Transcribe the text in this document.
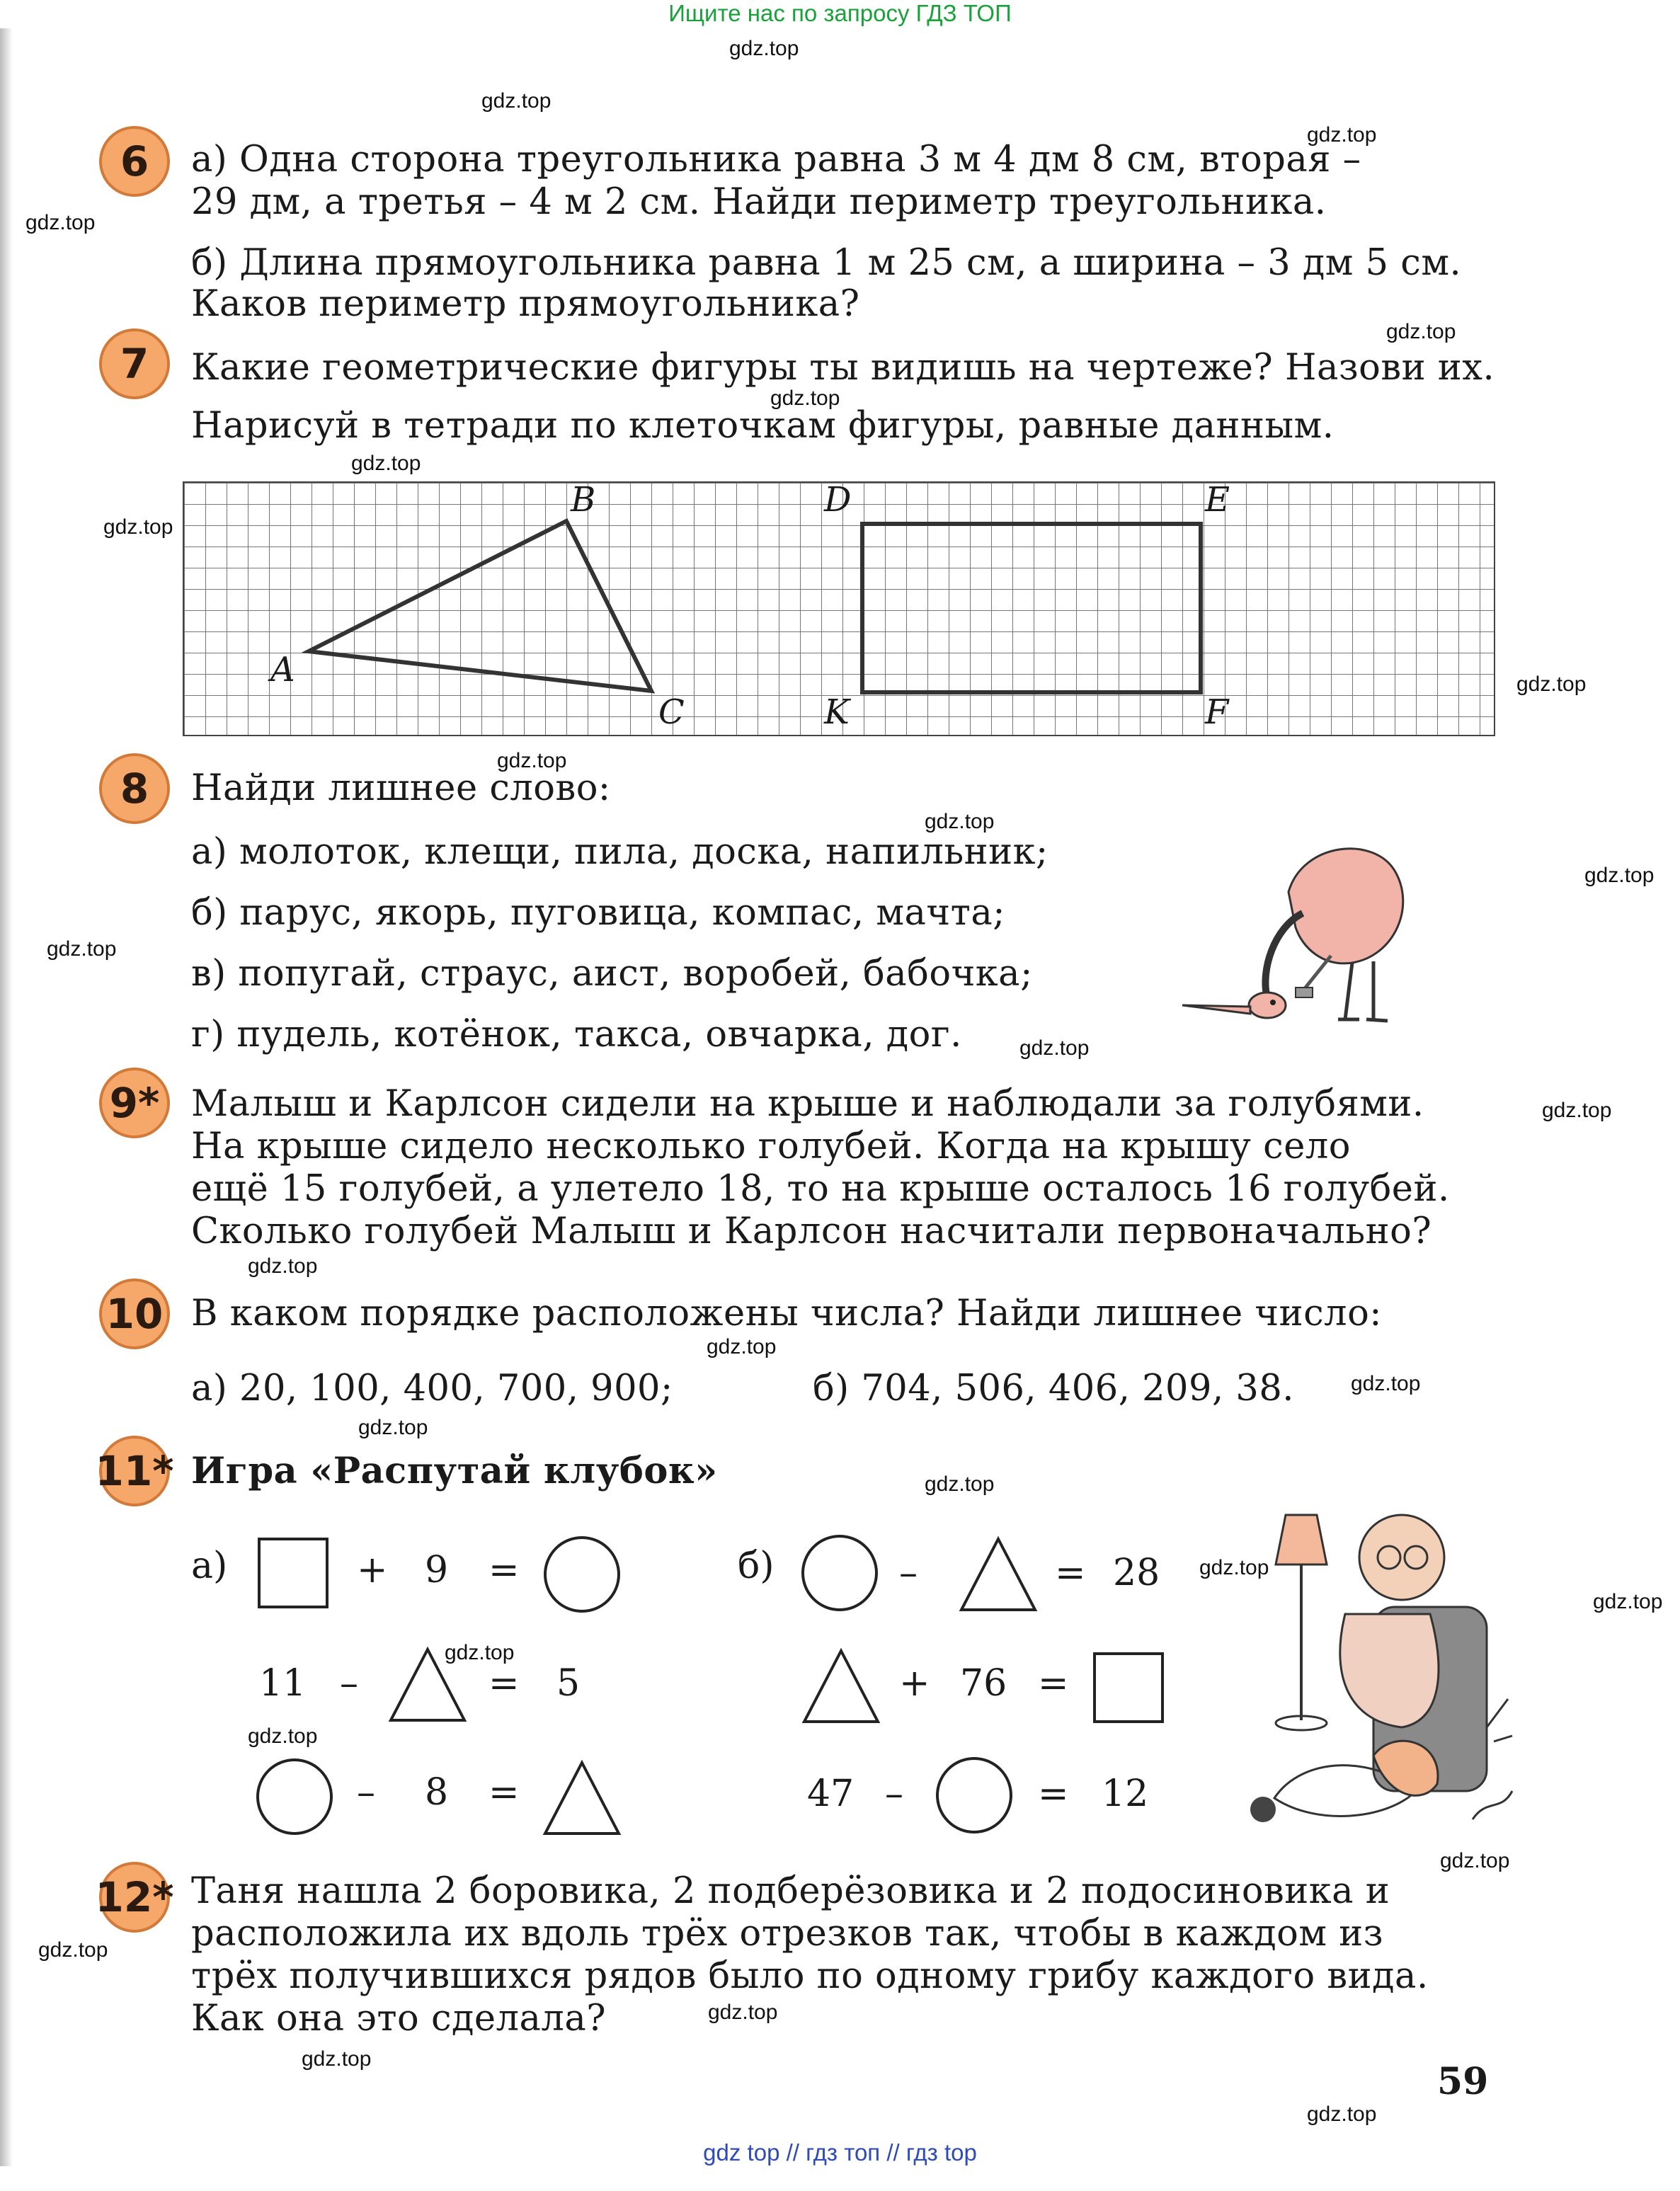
Ищите нас по запросу ГДЗ ТОП
gdz.top
gdz.top
gdz.top
gdz.top
gdz.top
gdz.top
gdz.top
gdz.top
gdz.top
gdz.top
gdz.top
gdz.top
gdz.top
gdz.top
gdz.top
gdz.top
gdz.top
gdz.top
gdz.top
gdz.top
gdz.top
gdz.top
gdz.top
gdz.top
gdz.top
gdz.top
gdz.top
gdz.top
gdz.top
6	а) Одна сторона треугольника равна 3 м 4 дм 8 см, вторая –
29 дм, а третья – 4 м 2 см. Найди периметр треугольника.
б) Длина прямоугольника равна 1 м 25 см, а ширина – 3 дм 5 см.
Каков периметр прямоугольника?
7	Какие геометрические фигуры ты видишь на чертеже? Назови их.
Нарисуй в тетради по клеточкам фигуры, равные данным.
A
B
C
D	E
K	F
8	Найди лишнее слово:
а) молоток, клещи, пила, доска, напильник;
б) парус, якорь, пуговица, компас, мачта;
в) попугай, страус, аист, воробей, бабочка;
г) пудель, котёнок, такса, овчарка, дог.
9* Малыш и Карлсон сидели на крыше и наблюдали за голубями.
На крыше сидело несколько голубей. Когда на крышу село
ещё 15 голубей, а улетело 18, то на крыше осталось 16 голубей.
Сколько голубей Малыш и Карлсон насчитали первоначально?
10 В каком порядке расположены числа? Найди лишнее число:
а) 20, 100, 400, 700, 900;	б) 704, 506, 406, 209, 38.
11* Игра «Распутай клубок»
а)	+ 9 =
11 –	= 5
– 8 =
б)	–	= 28
+ 76 =
47 –	= 12
12* Таня нашла 2 боровика, 2 подберёзовика и 2 подосиновика и
расположила их вдоль трёх отрезков так, чтобы в каждом из
трёх получившихся рядов было по одному грибу каждого вида.
Как она это сделала?
59
gdz top // гдз топ // гдз top
